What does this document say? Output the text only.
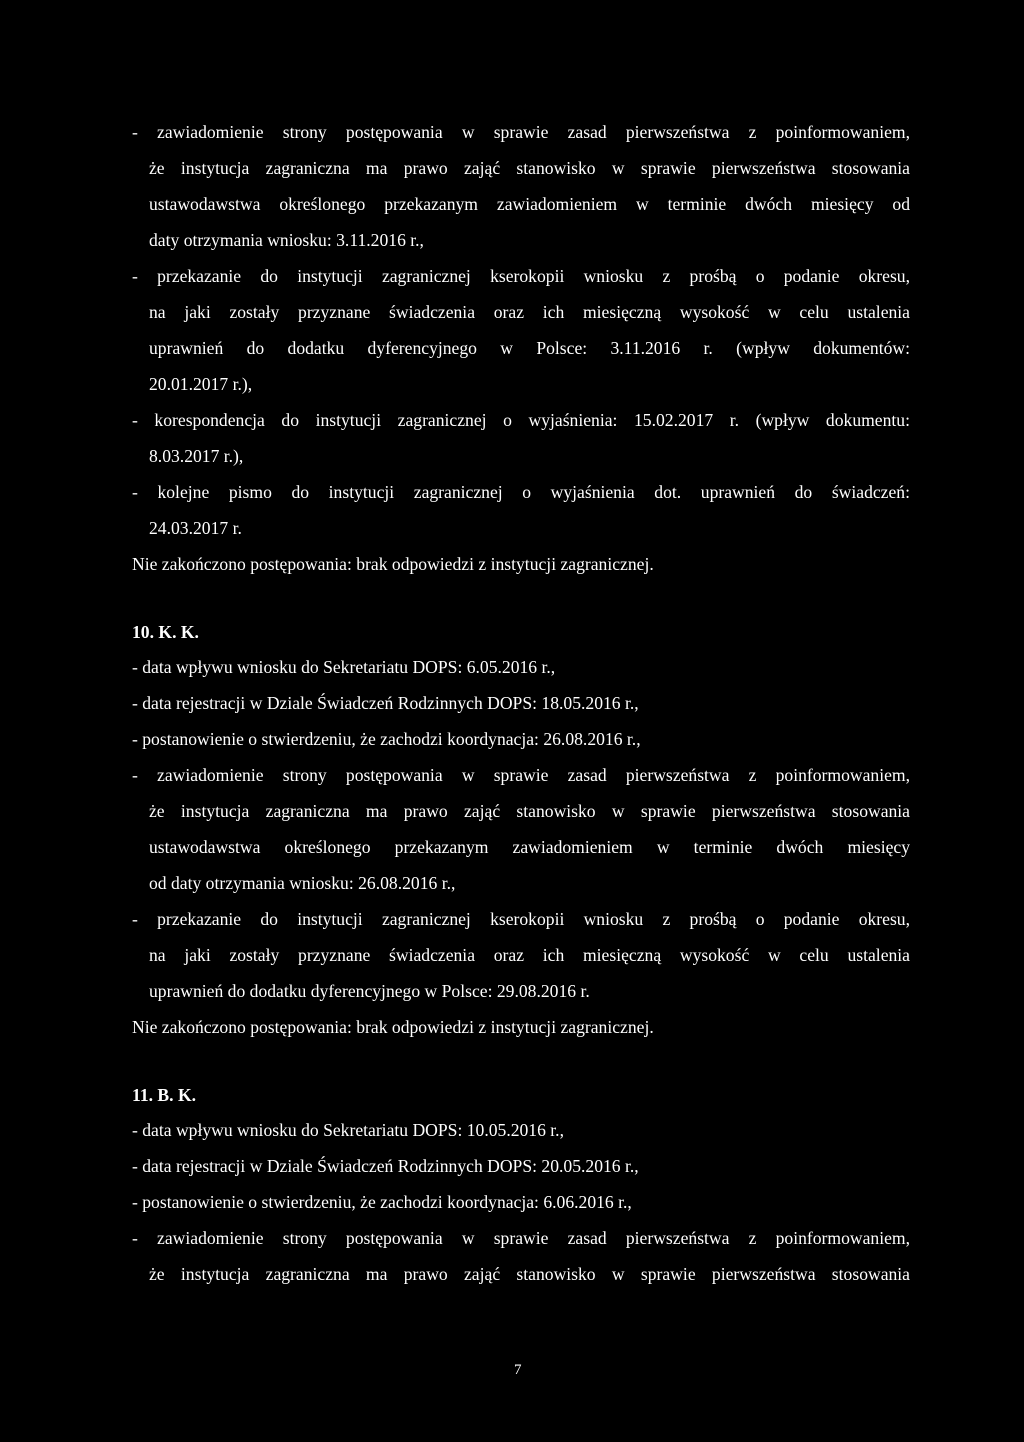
- zawiadomienie strony postępowania w sprawie zasad pierwszeństwa z poinformowaniem,
że instytucja zagraniczna ma prawo zająć stanowisko w sprawie pierwszeństwa stosowania
ustawodawstwa określonego przekazanym zawiadomieniem w terminie dwóch miesięcy od
daty otrzymania wniosku: 3.11.2016 r.,
- przekazanie do instytucji zagranicznej kserokopii wniosku z prośbą o podanie okresu,
na jaki zostały przyznane świadczenia oraz ich miesięczną wysokość w celu ustalenia
uprawnień do dodatku dyferencyjnego w Polsce: 3.11.2016 r. (wpływ dokumentów:
20.01.2017 r.),
- korespondencja do instytucji zagranicznej o wyjaśnienia: 15.02.2017 r. (wpływ dokumentu:
8.03.2017 r.),
- kolejne pismo do instytucji zagranicznej o wyjaśnienia dot. uprawnień do świadczeń:
24.03.2017 r.
Nie zakończono postępowania: brak odpowiedzi z instytucji zagranicznej.
10. K. K.
- data wpływu wniosku do Sekretariatu DOPS: 6.05.2016 r.,
- data rejestracji w Dziale Świadczeń Rodzinnych DOPS: 18.05.2016 r.,
- postanowienie o stwierdzeniu, że zachodzi koordynacja: 26.08.2016 r.,
- zawiadomienie strony postępowania w sprawie zasad pierwszeństwa z poinformowaniem,
że instytucja zagraniczna ma prawo zająć stanowisko w sprawie pierwszeństwa stosowania
ustawodawstwa określonego przekazanym zawiadomieniem w terminie dwóch miesięcy
od daty otrzymania wniosku: 26.08.2016 r.,
- przekazanie do instytucji zagranicznej kserokopii wniosku z prośbą o podanie okresu,
na jaki zostały przyznane świadczenia oraz ich miesięczną wysokość w celu ustalenia
uprawnień do dodatku dyferencyjnego w Polsce: 29.08.2016 r.
Nie zakończono postępowania: brak odpowiedzi z instytucji zagranicznej.
11. B. K.
- data wpływu wniosku do Sekretariatu DOPS: 10.05.2016 r.,
- data rejestracji w Dziale Świadczeń Rodzinnych DOPS: 20.05.2016 r.,
- postanowienie o stwierdzeniu, że zachodzi koordynacja: 6.06.2016 r.,
- zawiadomienie strony postępowania w sprawie zasad pierwszeństwa z poinformowaniem,
że instytucja zagraniczna ma prawo zająć stanowisko w sprawie pierwszeństwa stosowania
7
